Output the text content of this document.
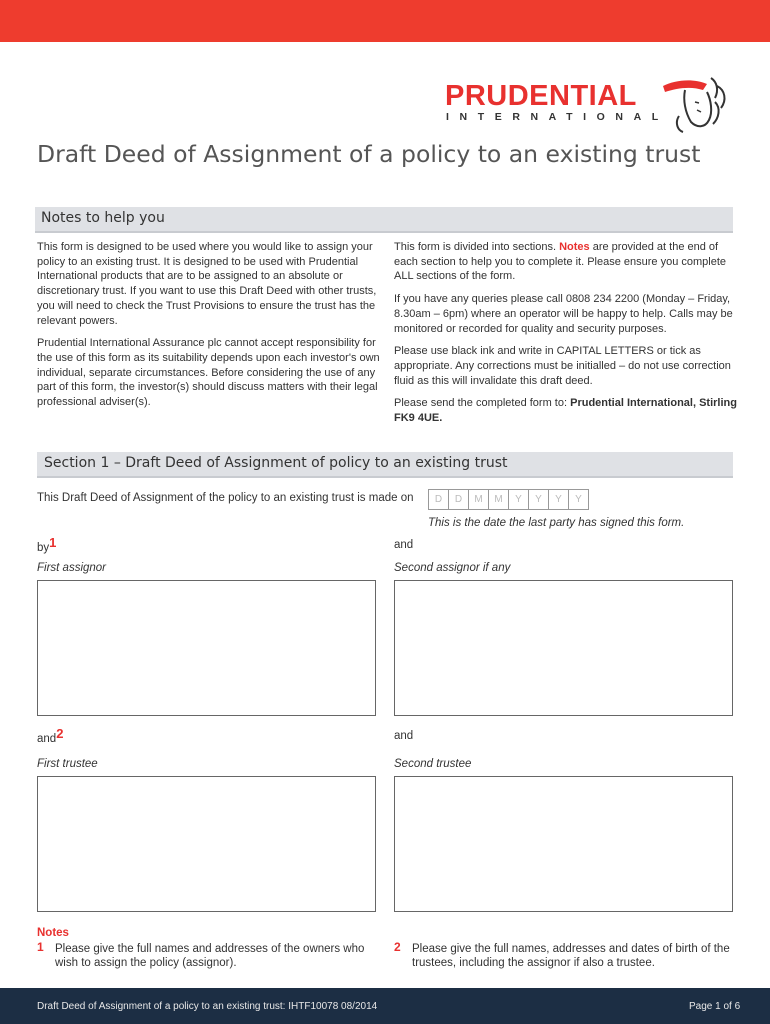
PRUDENTIAL
INTERNATIONAL
Draft Deed of Assignment of a policy to an existing trust
Notes to help you

This form is designed to be used where you would like to assign your policy to an existing trust. It is designed to be used with Prudential International products that are to be assigned to an absolute or discretionary trust. If you want to use this Draft Deed with other trusts, you will need to check the Trust Provisions to ensure the trust has the relevant powers.

Prudential International Assurance plc cannot accept responsibility for the use of this form as its suitability depends upon each investor's own individual, separate circumstances. Before considering the use of any part of this form, the investor(s) should discuss matters with their legal professional adviser(s).

This form is divided into sections. Notes are provided at the end of each section to help you to complete it. Please ensure you complete ALL sections of the form.

If you have any queries please call 0808 234 2200 (Monday – Friday, 8.30am – 6pm) where an operator will be happy to help. Calls may be monitored or recorded for quality and security purposes.

Please use black ink and write in CAPITAL LETTERS or tick as appropriate. Any corrections must be initialled – do not use correction fluid as this will invalidate this draft deed.

Please send the completed form to: Prudential International, Stirling FK9 4UE.

Section 1 – Draft Deed of Assignment of policy to an existing trust
This Draft Deed of Assignment of the policy to an existing trust is made on	D	D	M	M	Y	Y	Y	Y
This is the date the last party has signed this form.
by1	and
First assignor	Second assignor if any
and2	and
First trustee	Second trustee
Notes
1 Please give the full names and addresses of the owners who wish to assign the policy (assignor).
2 Please give the full names, addresses and dates of birth of the trustees, including the assignor if also a trustee.
Draft Deed of Assignment of a policy to an existing trust: IHTF10078 08/2014	Page 1 of 6
